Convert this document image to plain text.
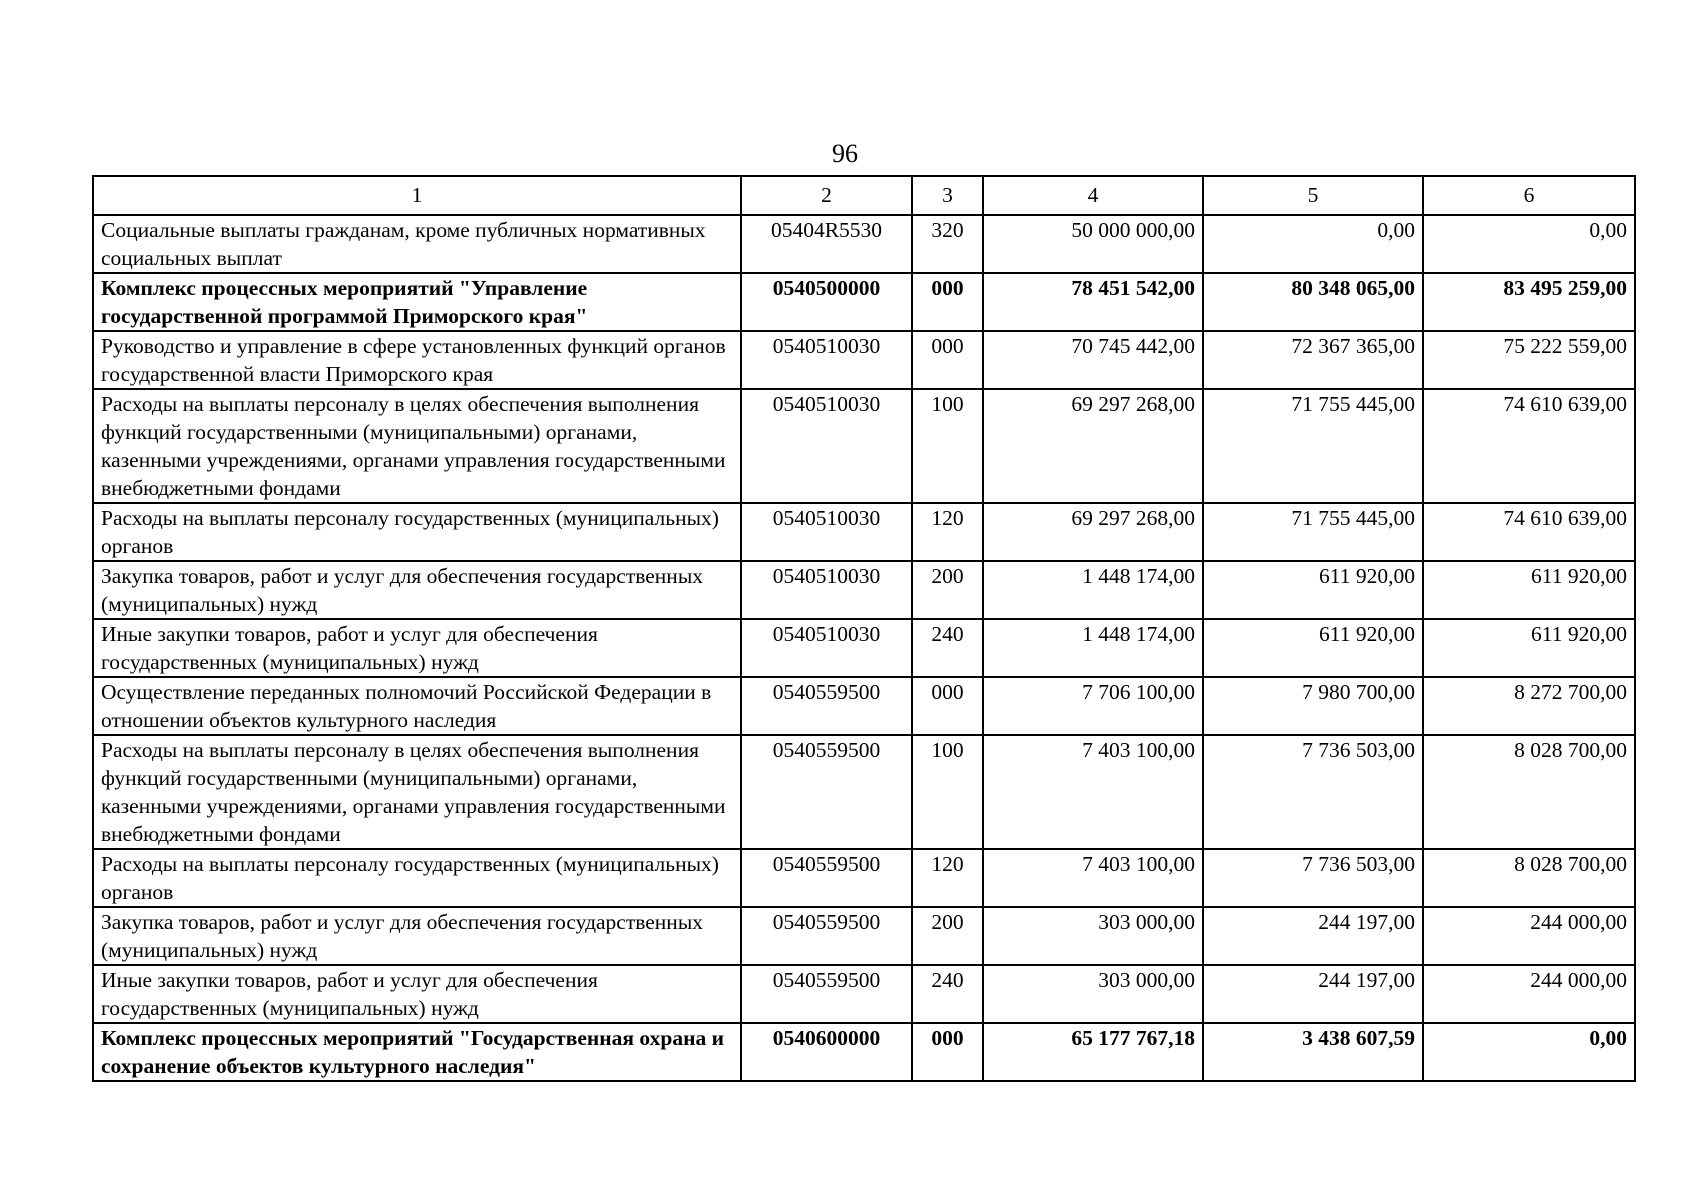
96
1	2	3	4	5	6
Социальные выплаты гражданам, кроме публичных нормативных социальных выплат	05404R5530	320	50 000 000,00	0,00	0,00
Комплекс процессных мероприятий "Управление государственной программой Приморского края"	0540500000	000	78 451 542,00	80 348 065,00	83 495 259,00
Руководство и управление в сфере установленных функций органов государственной власти Приморского края	0540510030	000	70 745 442,00	72 367 365,00	75 222 559,00
Расходы на выплаты персоналу в целях обеспечения выполнения функций государственными (муниципальными) органами, казенными учреждениями, органами управления государственными внебюджетными фондами	0540510030	100	69 297 268,00	71 755 445,00	74 610 639,00
Расходы на выплаты персоналу государственных (муниципальных) органов	0540510030	120	69 297 268,00	71 755 445,00	74 610 639,00
Закупка товаров, работ и услуг для обеспечения государственных (муниципальных) нужд	0540510030	200	1 448 174,00	611 920,00	611 920,00
Иные закупки товаров, работ и услуг для обеспечения государственных (муниципальных) нужд	0540510030	240	1 448 174,00	611 920,00	611 920,00
Осуществление переданных полномочий Российской Федерации в отношении объектов культурного наследия	0540559500	000	7 706 100,00	7 980 700,00	8 272 700,00
Расходы на выплаты персоналу в целях обеспечения выполнения функций государственными (муниципальными) органами, казенными учреждениями, органами управления государственными внебюджетными фондами	0540559500	100	7 403 100,00	7 736 503,00	8 028 700,00
Расходы на выплаты персоналу государственных (муниципальных) органов	0540559500	120	7 403 100,00	7 736 503,00	8 028 700,00
Закупка товаров, работ и услуг для обеспечения государственных (муниципальных) нужд	0540559500	200	303 000,00	244 197,00	244 000,00
Иные закупки товаров, работ и услуг для обеспечения государственных (муниципальных) нужд	0540559500	240	303 000,00	244 197,00	244 000,00
Комплекс процессных мероприятий "Государственная охрана и сохранение объектов культурного наследия"	0540600000	000	65 177 767,18	3 438 607,59	0,00
